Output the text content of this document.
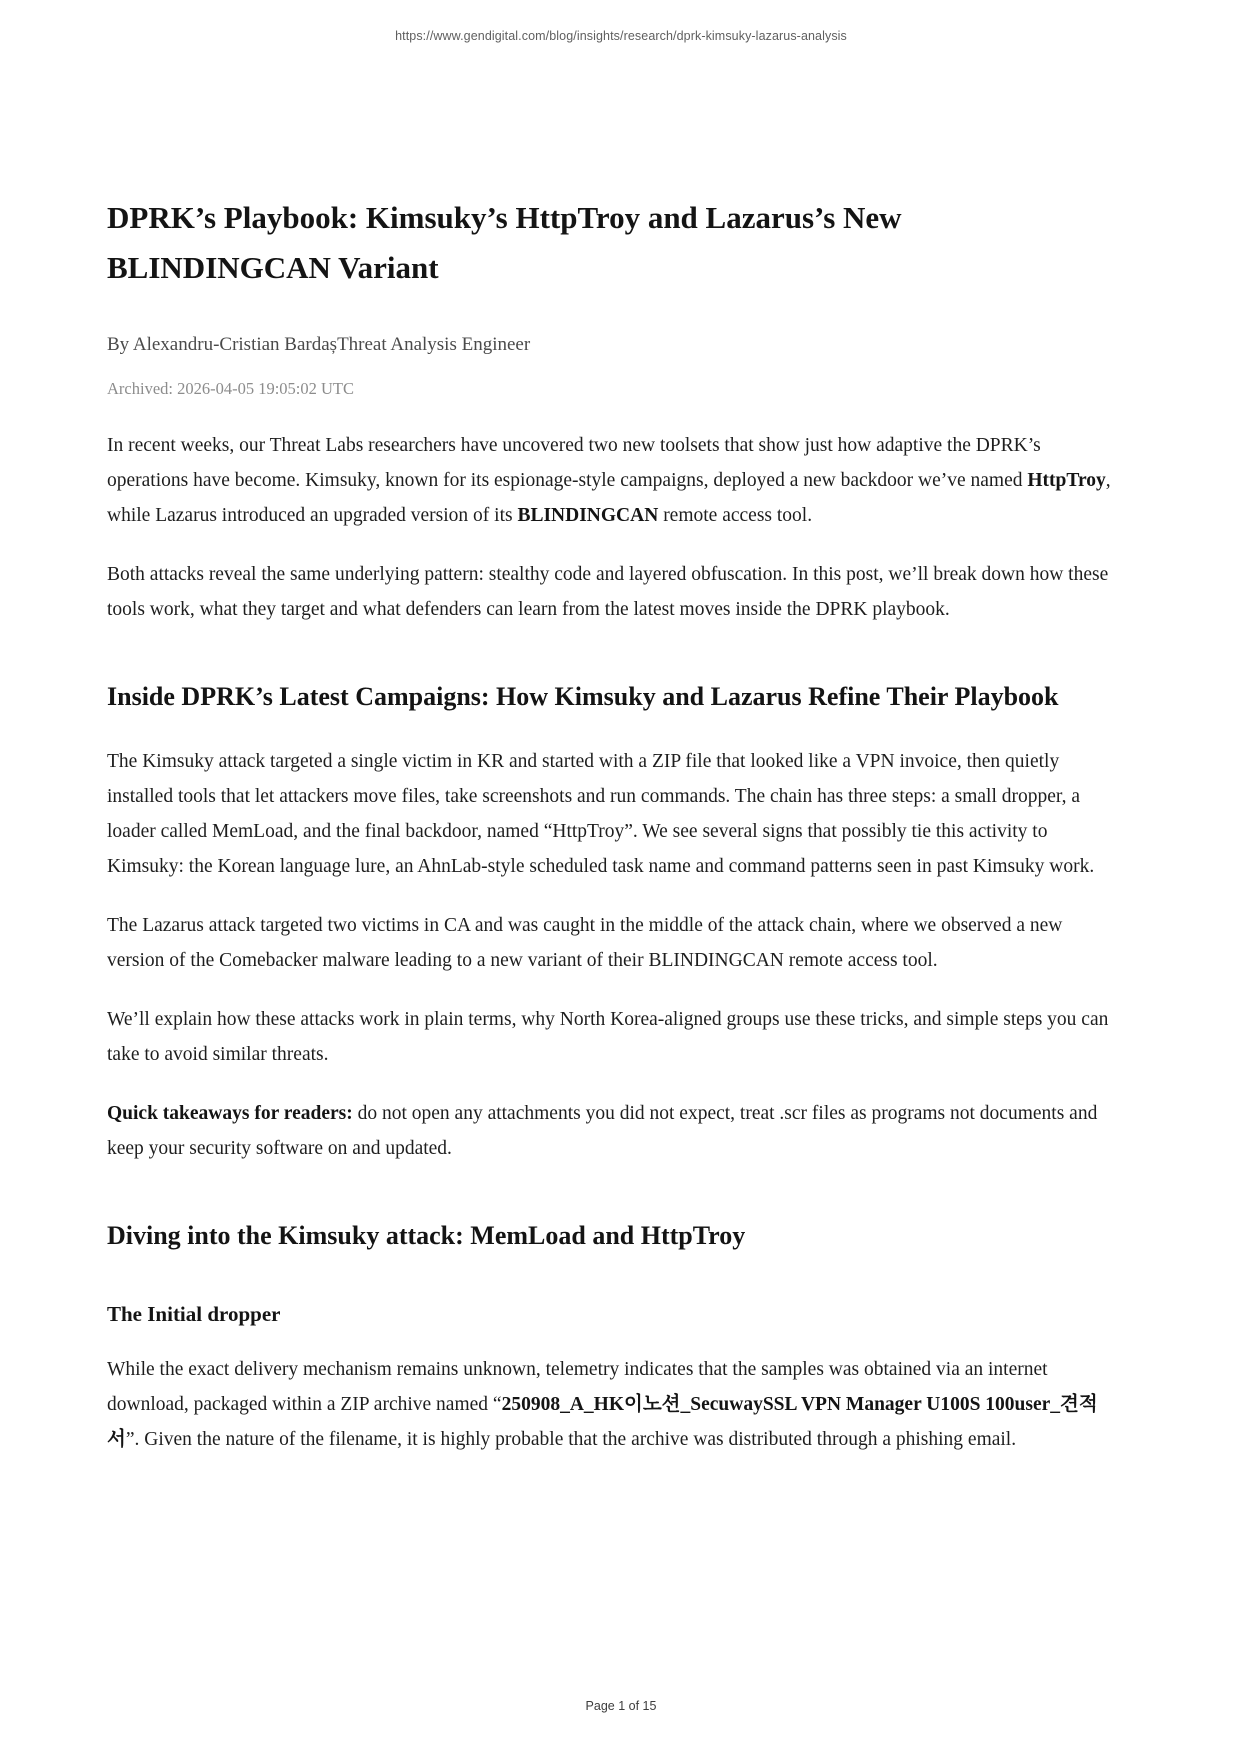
https://www.gendigital.com/blog/insights/research/dprk-kimsuky-lazarus-analysis
DPRK’s Playbook: Kimsuky’s HttpTroy and Lazarus’s New BLINDINGCAN Variant

By Alexandru-Cristian BardașThreat Analysis Engineer

Archived: 2026-04-05 19:05:02 UTC

In recent weeks, our Threat Labs researchers have uncovered two new toolsets that show just how adaptive the DPRK’s operations have become. Kimsuky, known for its espionage-style campaigns, deployed a new backdoor we’ve named HttpTroy, while Lazarus introduced an upgraded version of its BLINDINGCAN remote access tool.

Both attacks reveal the same underlying pattern: stealthy code and layered obfuscation. In this post, we’ll break down how these tools work, what they target and what defenders can learn from the latest moves inside the DPRK playbook.

Inside DPRK’s Latest Campaigns: How Kimsuky and Lazarus Refine Their Playbook

The Kimsuky attack targeted a single victim in KR and started with a ZIP file that looked like a VPN invoice, then quietly installed tools that let attackers move files, take screenshots and run commands. The chain has three steps: a small dropper, a loader called MemLoad, and the final backdoor, named “HttpTroy”. We see several signs that possibly tie this activity to Kimsuky: the Korean language lure, an AhnLab-style scheduled task name and command patterns seen in past Kimsuky work.

The Lazarus attack targeted two victims in CA and was caught in the middle of the attack chain, where we observed a new version of the Comebacker malware leading to a new variant of their BLINDINGCAN remote access tool.

We’ll explain how these attacks work in plain terms, why North Korea-aligned groups use these tricks, and simple steps you can take to avoid similar threats.

Quick takeaways for readers: do not open any attachments you did not expect, treat .scr files as programs not documents and keep your security software on and updated.

Diving into the Kimsuky attack: MemLoad and HttpTroy
The Initial dropper

While the exact delivery mechanism remains unknown, telemetry indicates that the samples was obtained via an internet download, packaged within a ZIP archive named “250908_A_HK이노션_SecuwaySSL VPN Manager U100S 100user_견적서”. Given the nature of the filename, it is highly probable that the archive was distributed through a phishing email.

Page 1 of 15
